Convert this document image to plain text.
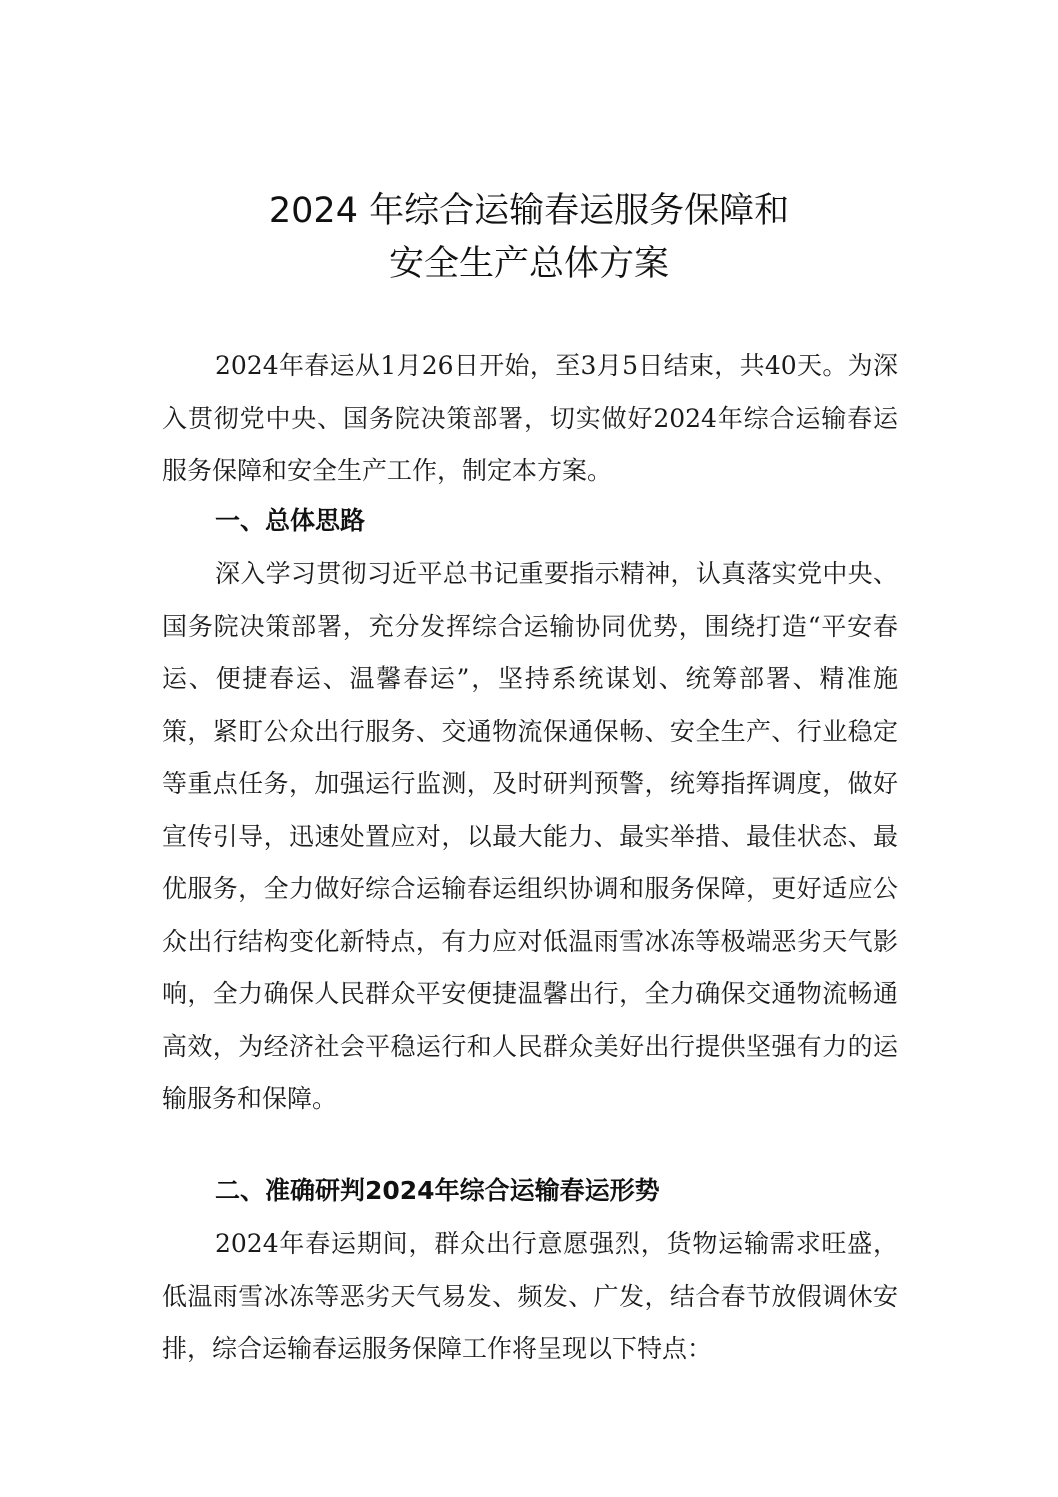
2024 年综合运输春运服务保障和
安全生产总体方案

2024年春运从1月26日开始，至3月5日结束，共40天。为深入贯彻党中央、国务院决策部署，切实做好2024年综合运输春运服务保障和安全生产工作，制定本方案。

一、总体思路

深入学习贯彻习近平总书记重要指示精神，认真落实党中央、国务院决策部署，充分发挥综合运输协同优势，围绕打造“平安春运、便捷春运、温馨春运”，坚持系统谋划、统筹部署、精准施策，紧盯公众出行服务、交通物流保通保畅、安全生产、行业稳定等重点任务，加强运行监测，及时研判预警，统筹指挥调度，做好宣传引导，迅速处置应对，以最大能力、最实举措、最佳状态、最优服务，全力做好综合运输春运组织协调和服务保障，更好适应公众出行结构变化新特点，有力应对低温雨雪冰冻等极端恶劣天气影响，全力确保人民群众平安便捷温馨出行，全力确保交通物流畅通高效，为经济社会平稳运行和人民群众美好出行提供坚强有力的运输服务和保障。

二、准确研判2024年综合运输春运形势

2024年春运期间，群众出行意愿强烈，货物运输需求旺盛，低温雨雪冰冻等恶劣天气易发、频发、广发，结合春节放假调休安排，综合运输春运服务保障工作将呈现以下特点：
